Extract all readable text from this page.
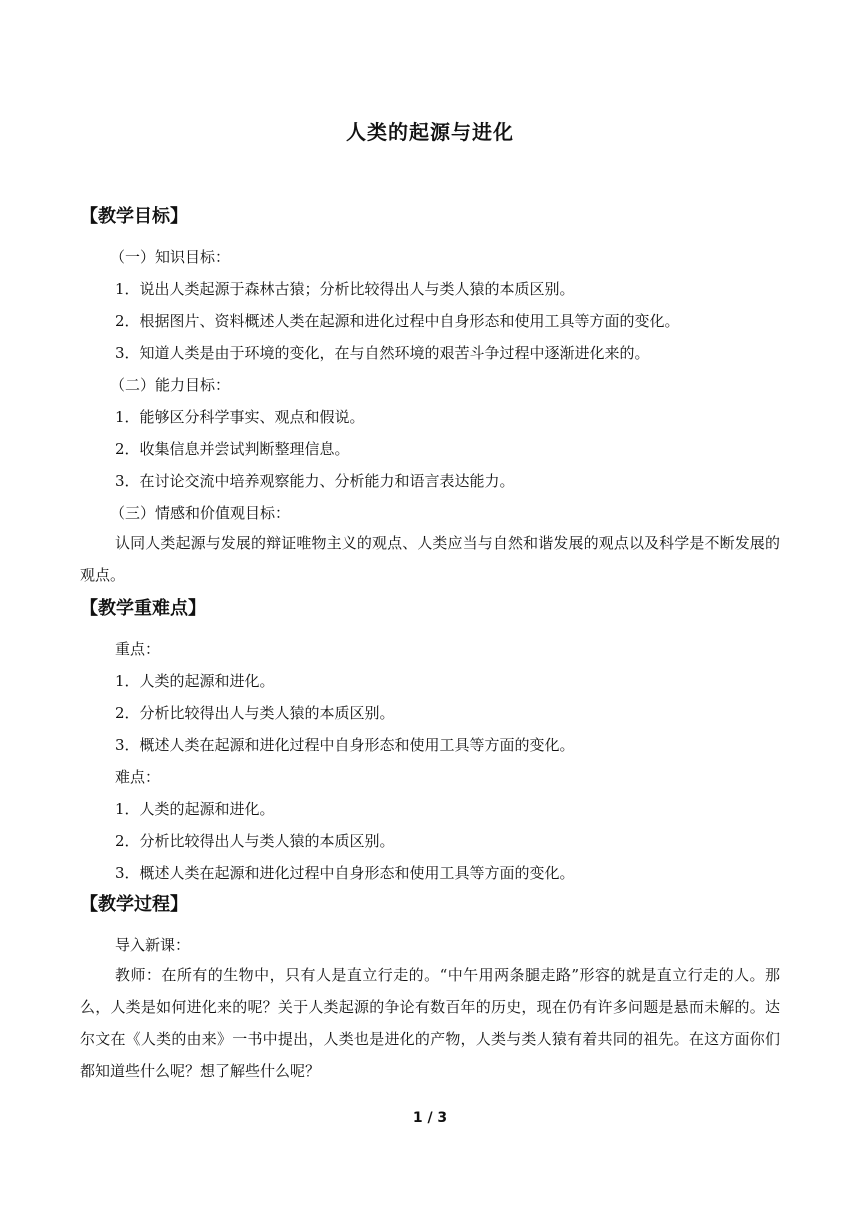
人类的起源与进化
【教学目标】
（一）知识目标：
1．说出人类起源于森林古猿；分析比较得出人与类人猿的本质区别。
2．根据图片、资料概述人类在起源和进化过程中自身形态和使用工具等方面的变化。
3．知道人类是由于环境的变化，在与自然环境的艰苦斗争过程中逐渐进化来的。
（二）能力目标：
1．能够区分科学事实、观点和假说。
2．收集信息并尝试判断整理信息。
3．在讨论交流中培养观察能力、分析能力和语言表达能力。
（三）情感和价值观目标：
认同人类起源与发展的辩证唯物主义的观点、人类应当与自然和谐发展的观点以及科学是不断发展的观点。
【教学重难点】
重点：
1．人类的起源和进化。
2．分析比较得出人与类人猿的本质区别。
3．概述人类在起源和进化过程中自身形态和使用工具等方面的变化。
难点：
1．人类的起源和进化。
2．分析比较得出人与类人猿的本质区别。
3．概述人类在起源和进化过程中自身形态和使用工具等方面的变化。
【教学过程】
导入新课：
教师：在所有的生物中，只有人是直立行走的。“中午用两条腿走路”形容的就是直立行走的人。那么，人类是如何进化来的呢？关于人类起源的争论有数百年的历史，现在仍有许多问题是悬而未解的。达尔文在《人类的由来》一书中提出，人类也是进化的产物，人类与类人猿有着共同的祖先。在这方面你们都知道些什么呢？想了解些什么呢？
1 / 3
